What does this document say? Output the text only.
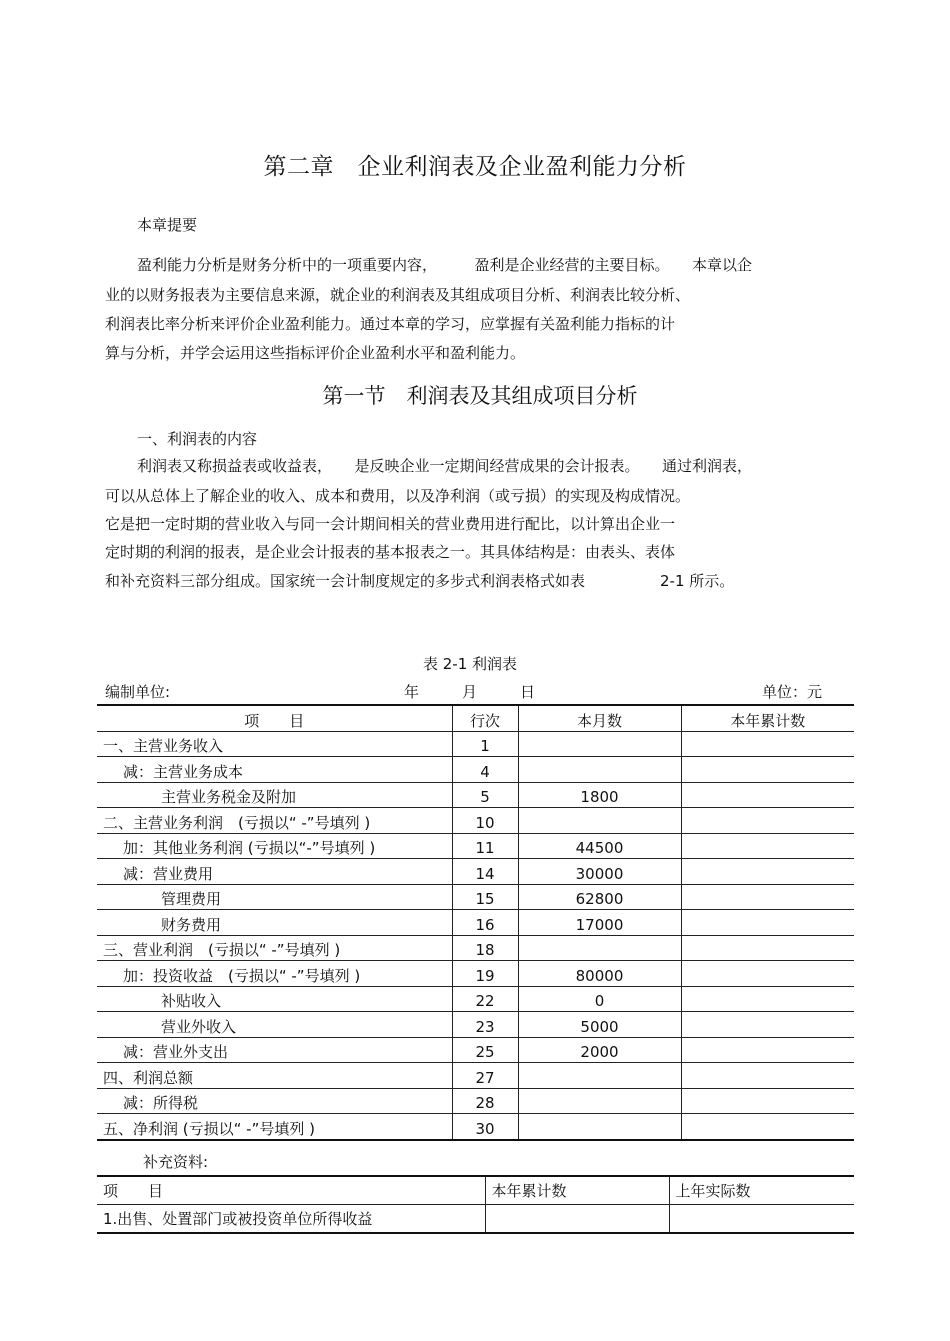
第二章　企业利润表及企业盈利能力分析
本章提要
盈利能力分析是财务分析中的一项重要内容，　　　盈利是企业经营的主要目标。　　本章以企
业的以财务报表为主要信息来源，就企业的利润表及其组成项目分析、利润表比较分析、
利润表比率分析来评价企业盈利能力。通过本章的学习，应掌握有关盈利能力指标的计
算与分析，并学会运用这些指标评价企业盈利水平和盈利能力。
第一节　利润表及其组成项目分析
一、利润表的内容
利润表又称损益表或收益表，　　是反映企业一定期间经营成果的会计报表。　　通过利润表，
可以从总体上了解企业的收入、成本和费用，以及净利润（或亏损）的实现及构成情况。
它是把一定时期的营业收入与同一会计期间相关的营业费用进行配比，以计算出企业一
定时期的利润的报表，是企业会计报表的基本报表之一。其具体结构是：由表头、表体
和补充资料三部分组成。国家统一会计制度规定的多步式利润表格式如表　　　　　2-1 所示。
表 2-1 利润表
编制单位:	年	月	日	单位：元
项　　目	行次	本月数	本年累计数
一、主营业务收入	1		
减：主营业务成本	4		
主营业务税金及附加	5	1800	
二、主营业务利润　(亏损以“ -”号填列 )	10		
加：其他业务利润 (亏损以“-”号填列 )	11	44500	
减：营业费用	14	30000	
管理费用	15	62800	
财务费用	16	17000	
三、营业利润　(亏损以“ -”号填列 )	18		
加：投资收益　(亏损以“ -”号填列 )	19	80000	
补贴收入	22	0	
营业外收入	23	5000	
减：营业外支出	25	2000	
四、利润总额	27		
减：所得税	28		
五、净利润 (亏损以“ -”号填列 )	30		
补充资料:
项　　目	本年累计数	上年实际数
1.出售、处置部门或被投资单位所得收益		
